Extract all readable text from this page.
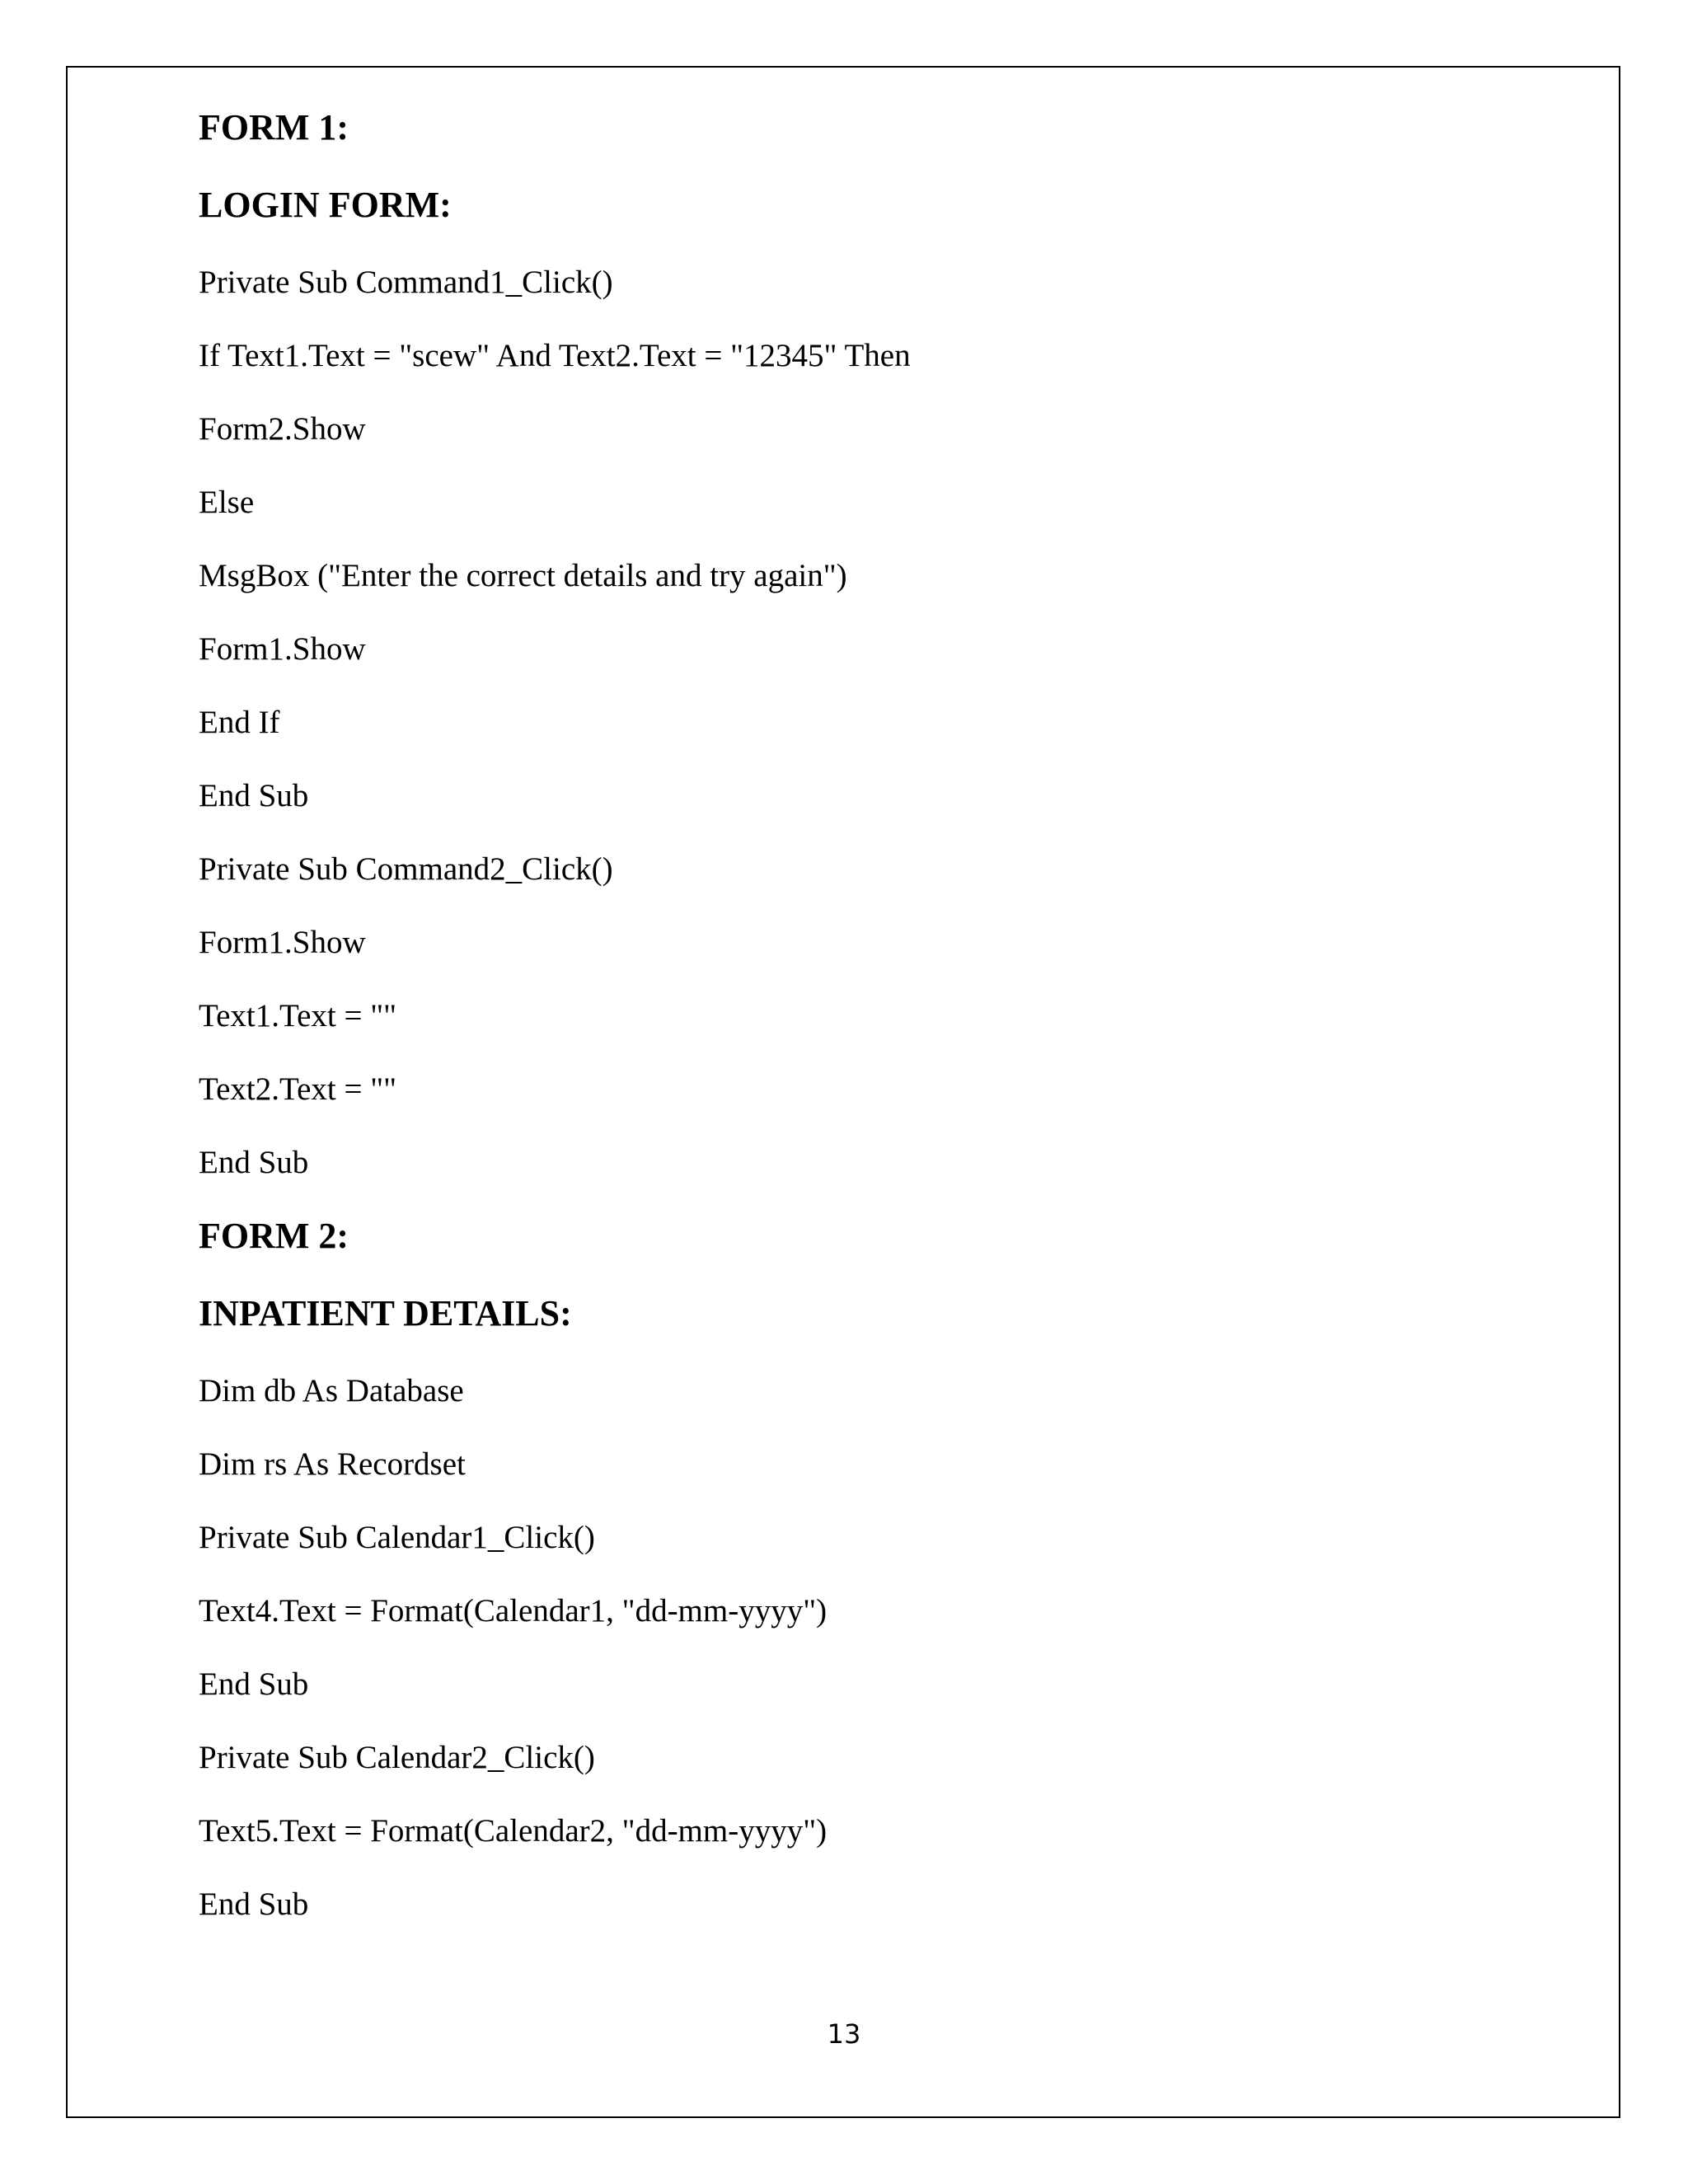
FORM 1:
LOGIN FORM:
Private Sub Command1_Click()
If Text1.Text = "scew" And Text2.Text = "12345" Then
Form2.Show
Else
MsgBox ("Enter the correct details and try again")
Form1.Show
End If
End Sub
Private Sub Command2_Click()
Form1.Show
Text1.Text = ""
Text2.Text = ""
End Sub
FORM 2:
INPATIENT DETAILS:
Dim db As Database
Dim rs As Recordset
Private Sub Calendar1_Click()
Text4.Text = Format(Calendar1, "dd-mm-yyyy")
End Sub
Private Sub Calendar2_Click()
Text5.Text = Format(Calendar2, "dd-mm-yyyy")
End Sub
13
